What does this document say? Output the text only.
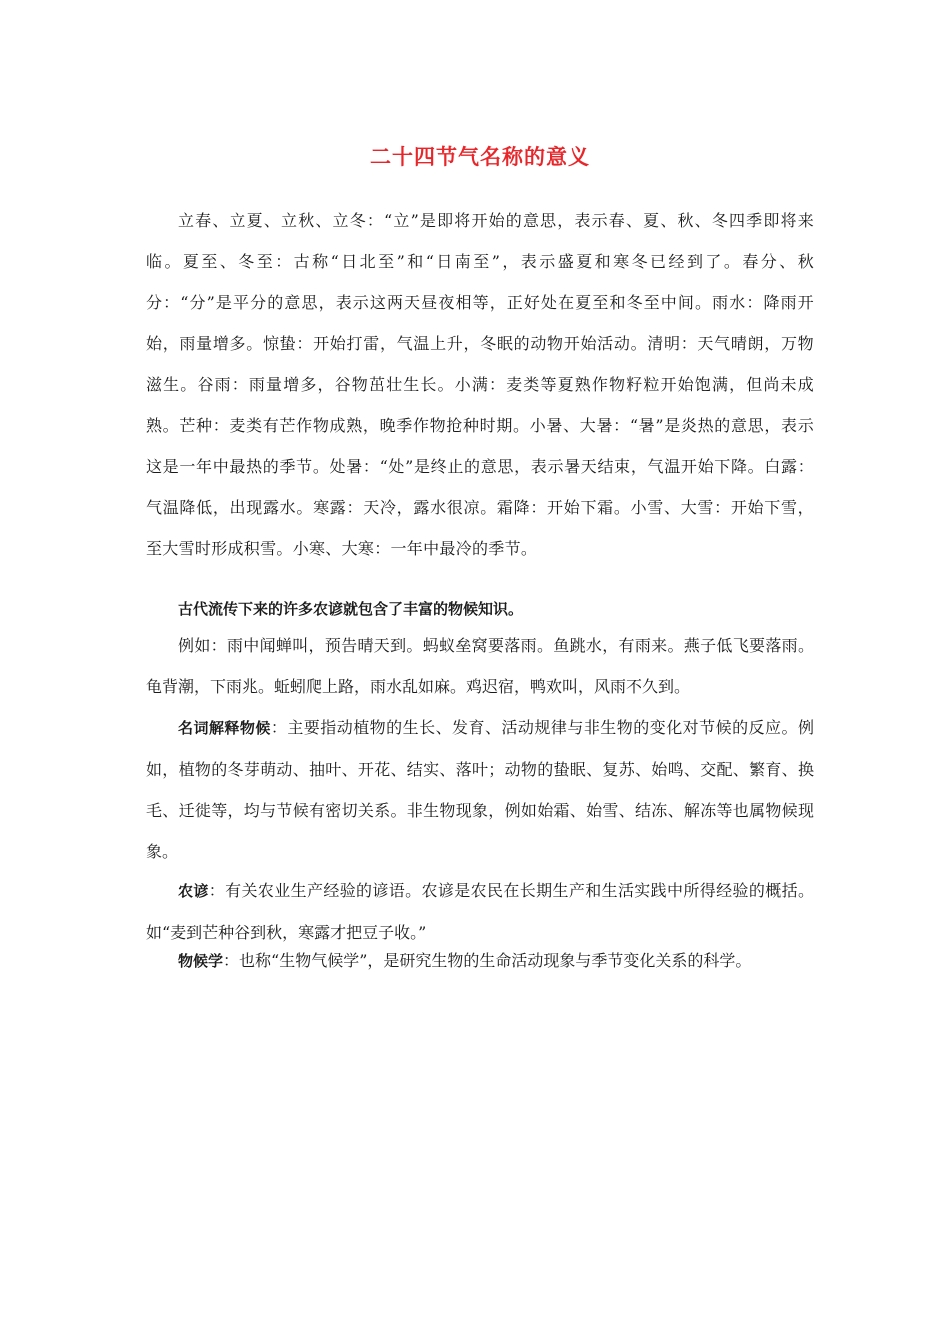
二十四节气名称的意义

立春、立夏、立秋、立冬：“立”是即将开始的意思，表示春、夏、秋、冬四季即将来临。夏至、冬至：古称“日北至”和“日南至”，表示盛夏和寒冬已经到了。春分、秋分：“分”是平分的意思，表示这两天昼夜相等，正好处在夏至和冬至中间。雨水：降雨开始，雨量增多。惊蛰：开始打雷，气温上升，冬眠的动物开始活动。清明：天气晴朗，万物滋生。谷雨：雨量增多，谷物茁壮生长。小满：麦类等夏熟作物籽粒开始饱满，但尚未成熟。芒种：麦类有芒作物成熟，晚季作物抢种时期。小暑、大暑：“暑”是炎热的意思，表示这是一年中最热的季节。处暑：“处”是终止的意思，表示暑天结束，气温开始下降。白露：气温降低，出现露水。寒露：天冷，露水很凉。霜降：开始下霜。小雪、大雪：开始下雪，至大雪时形成积雪。小寒、大寒：一年中最冷的季节。

古代流传下来的许多农谚就包含了丰富的物候知识。

例如：雨中闻蝉叫，预告晴天到。蚂蚁垒窝要落雨。鱼跳水，有雨来。燕子低飞要落雨。龟背潮，下雨兆。蚯蚓爬上路，雨水乱如麻。鸡迟宿，鸭欢叫，风雨不久到。

名词解释物候：主要指动植物的生长、发育、活动规律与非生物的变化对节候的反应。例如，植物的冬芽萌动、抽叶、开花、结实、落叶；动物的蛰眠、复苏、始鸣、交配、繁育、换毛、迁徙等，均与节候有密切关系。非生物现象，例如始霜、始雪、结冻、解冻等也属物候现象。

农谚：有关农业生产经验的谚语。农谚是农民在长期生产和生活实践中所得经验的概括。如“麦到芒种谷到秋，寒露才把豆子收。”

物候学：也称“生物气候学”，是研究生物的生命活动现象与季节变化关系的科学。
